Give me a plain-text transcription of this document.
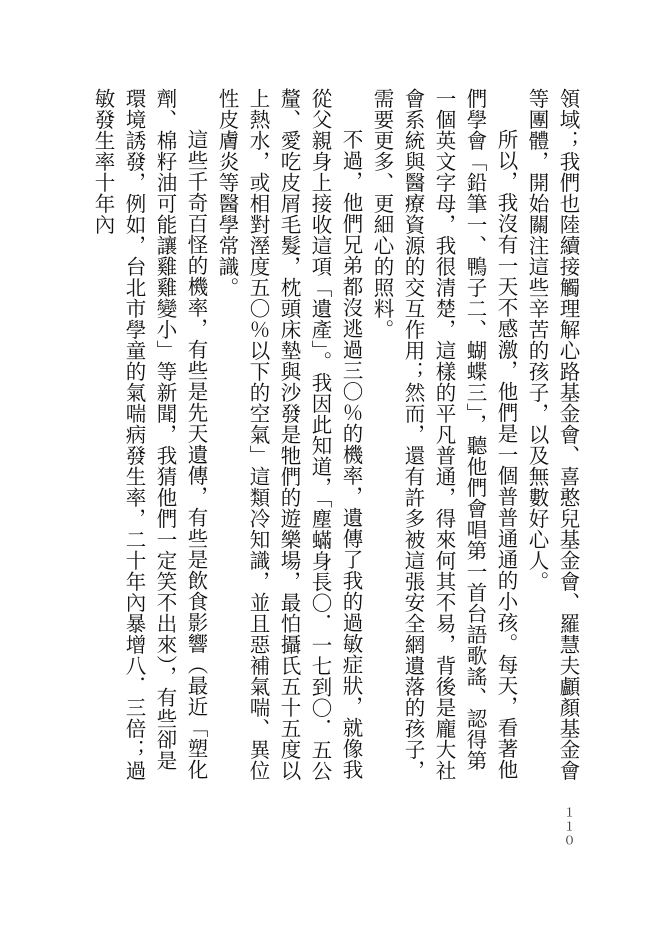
領域；我們也陸續接觸理解心路基金會、喜憨兒基金會、羅慧夫顱顏基金會等團體，開始關注這些辛苦的孩子，以及無數好心人。

所以，我沒有一天不感激，他們是一個普普通通的小孩。每天，看著他們學會「鉛筆一、鴨子二、蝴蝶三」，聽他們會唱第一首台語歌謠、認得第一個英文字母，我很清楚，這樣的平凡普通，得來何其不易，背後是龐大社會系統與醫療資源的交互作用；然而，還有許多被這張安全網遺落的孩子，需要更多、更細心的照料。

不過，他們兄弟都沒逃過三〇％的機率，遺傳了我的過敏症狀，就像我從父親身上接收這項「遺產」。我因此知道，「塵蟎身長〇．一七到〇．五公釐、愛吃皮屑毛髮，枕頭床墊與沙發是牠們的遊樂場，最怕攝氏五十五度以上熱水，或相對溼度五〇％以下的空氣」這類冷知識，並且惡補氣喘、異位性皮膚炎等醫學常識。

這些千奇百怪的機率，有些是先天遺傳，有些是飲食影響（最近「塑化劑、棉籽油可能讓雞雞變小」等新聞，我猜他們一定笑不出來），有些卻是環境誘發，例如，台北市學童的氣喘病發生率，二十年內暴增八．三倍；過敏發生率十年內

１１０
